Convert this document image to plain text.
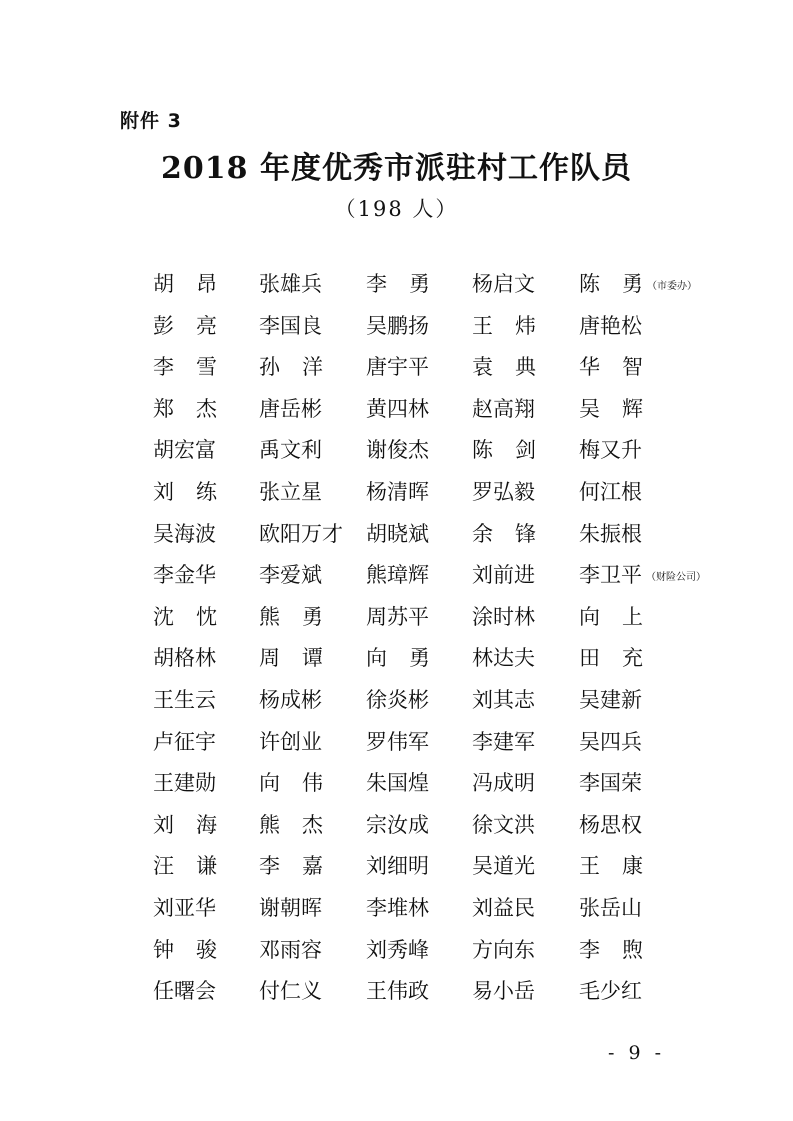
附件 3
2018 年度优秀市派驻村工作队员
（198 人）
胡昂 张雄兵 李勇 杨启文 陈勇 （市委办）
彭亮 李国良 吴鹏扬 王炜 唐艳松
李雪 孙洋 唐宇平 袁典 华智
郑杰 唐岳彬 黄四林 赵高翔 吴辉
胡宏富 禹文利 谢俊杰 陈剑 梅又升
刘练 张立星 杨清晖 罗弘毅 何江根
吴海波 欧阳万才 胡晓斌 余锋 朱振根
李金华 李爱斌 熊璋辉 刘前进 李卫平 （财险公司）
沈忱 熊勇 周苏平 涂时林 向上
胡格林 周谭 向勇 林达夫 田充
王生云 杨成彬 徐炎彬 刘其志 吴建新
卢征宇 许创业 罗伟军 李建军 吴四兵
王建勋 向伟 朱国煌 冯成明 李国荣
刘海 熊杰 宗汝成 徐文洪 杨思权
汪谦 李嘉 刘细明 吴道光 王康
刘亚华 谢朝晖 李堆林 刘益民 张岳山
钟骏 邓雨容 刘秀峰 方向东 李煦
任曙会 付仁义 王伟政 易小岳 毛少红
- 9 -
